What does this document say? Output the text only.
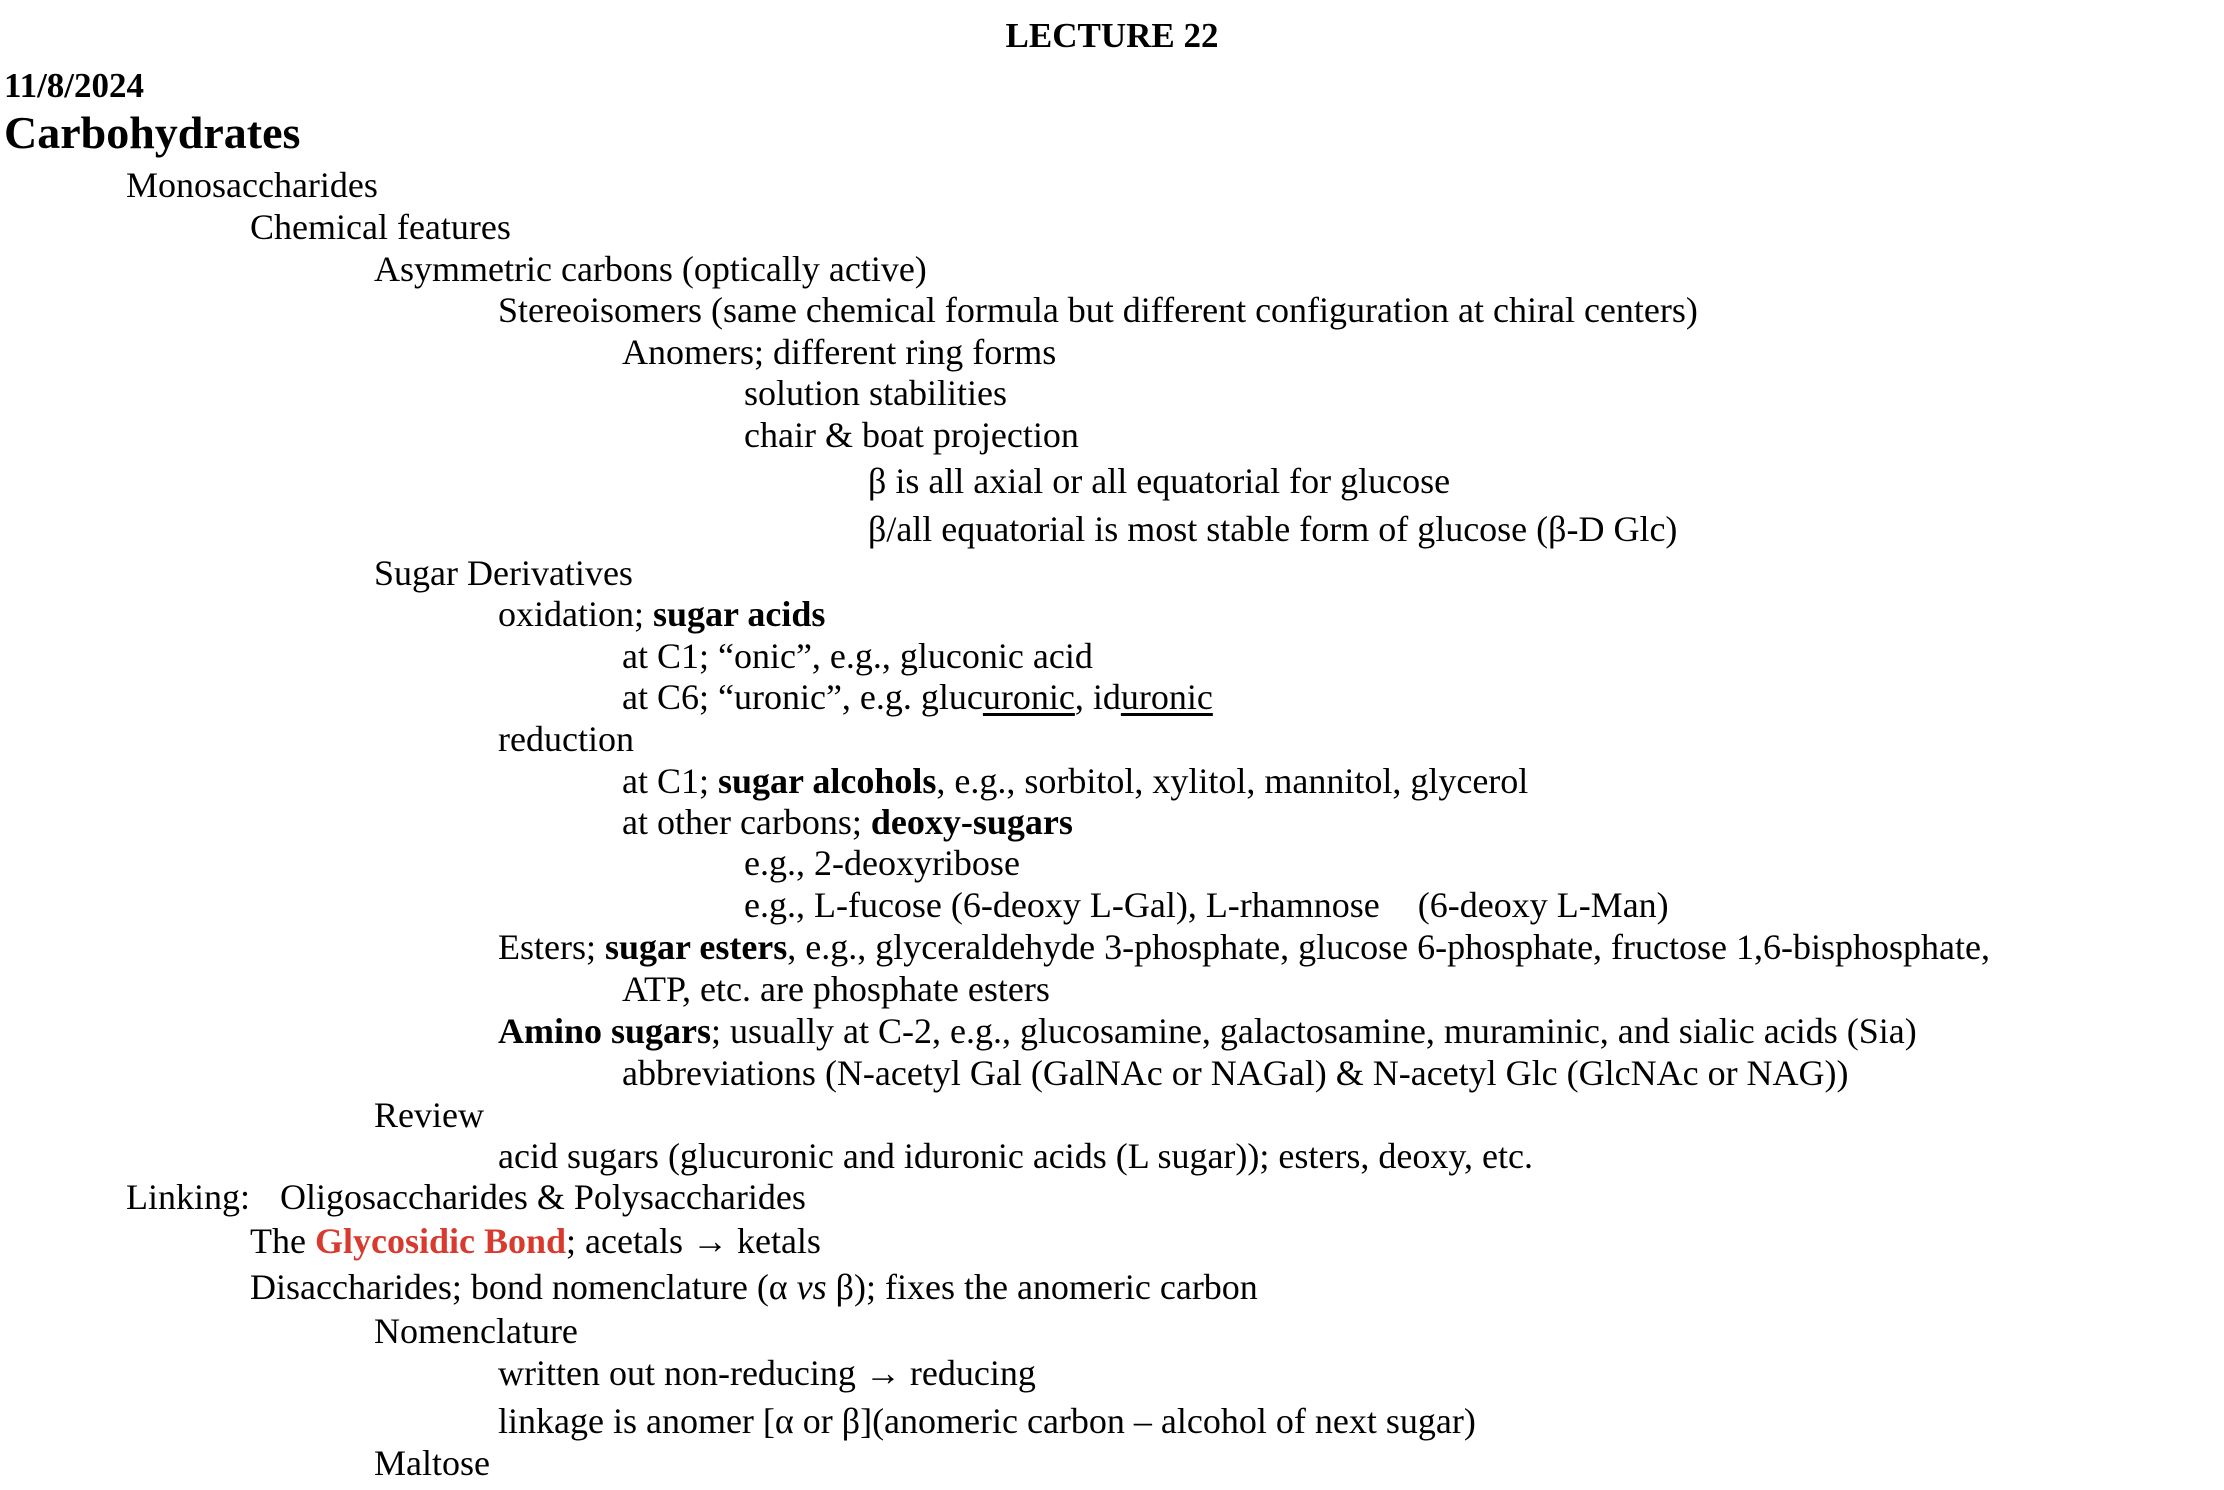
LECTURE 22
11/8/2024
Carbohydrates
Monosaccharides
Chemical features
Asymmetric carbons (optically active)
Stereoisomers (same chemical formula but different configuration at chiral centers)
Anomers; different ring forms
solution stabilities
chair & boat projection
β is all axial or all equatorial for glucose
β/all equatorial is most stable form of glucose (β-D Glc)
Sugar Derivatives
oxidation; sugar acids
at C1; “onic”, e.g., gluconic acid
at C6; “uronic”, e.g. glucuronic, iduronic
reduction
at C1; sugar alcohols, e.g., sorbitol, xylitol, mannitol, glycerol
at other carbons; deoxy-sugars
e.g., 2-deoxyribose
e.g., L-fucose (6-deoxy L-Gal), L-rhamnose (6-deoxy L-Man)
Esters; sugar esters, e.g., glyceraldehyde 3-phosphate, glucose 6-phosphate, fructose 1,6-bisphosphate,
ATP, etc. are phosphate esters
Amino sugars; usually at C-2, e.g., glucosamine, galactosamine, muraminic, and sialic acids (Sia)
abbreviations (N-acetyl Gal (GalNAc or NAGal) & N-acetyl Glc (GlcNAc or NAG))
Review
acid sugars (glucuronic and iduronic acids (L sugar)); esters, deoxy, etc.
Linking: Oligosaccharides & Polysaccharides
The Glycosidic Bond; acetals → ketals
Disaccharides; bond nomenclature (α vs β); fixes the anomeric carbon
Nomenclature
written out non-reducing → reducing
linkage is anomer [α or β](anomeric carbon – alcohol of next sugar)
Maltose
